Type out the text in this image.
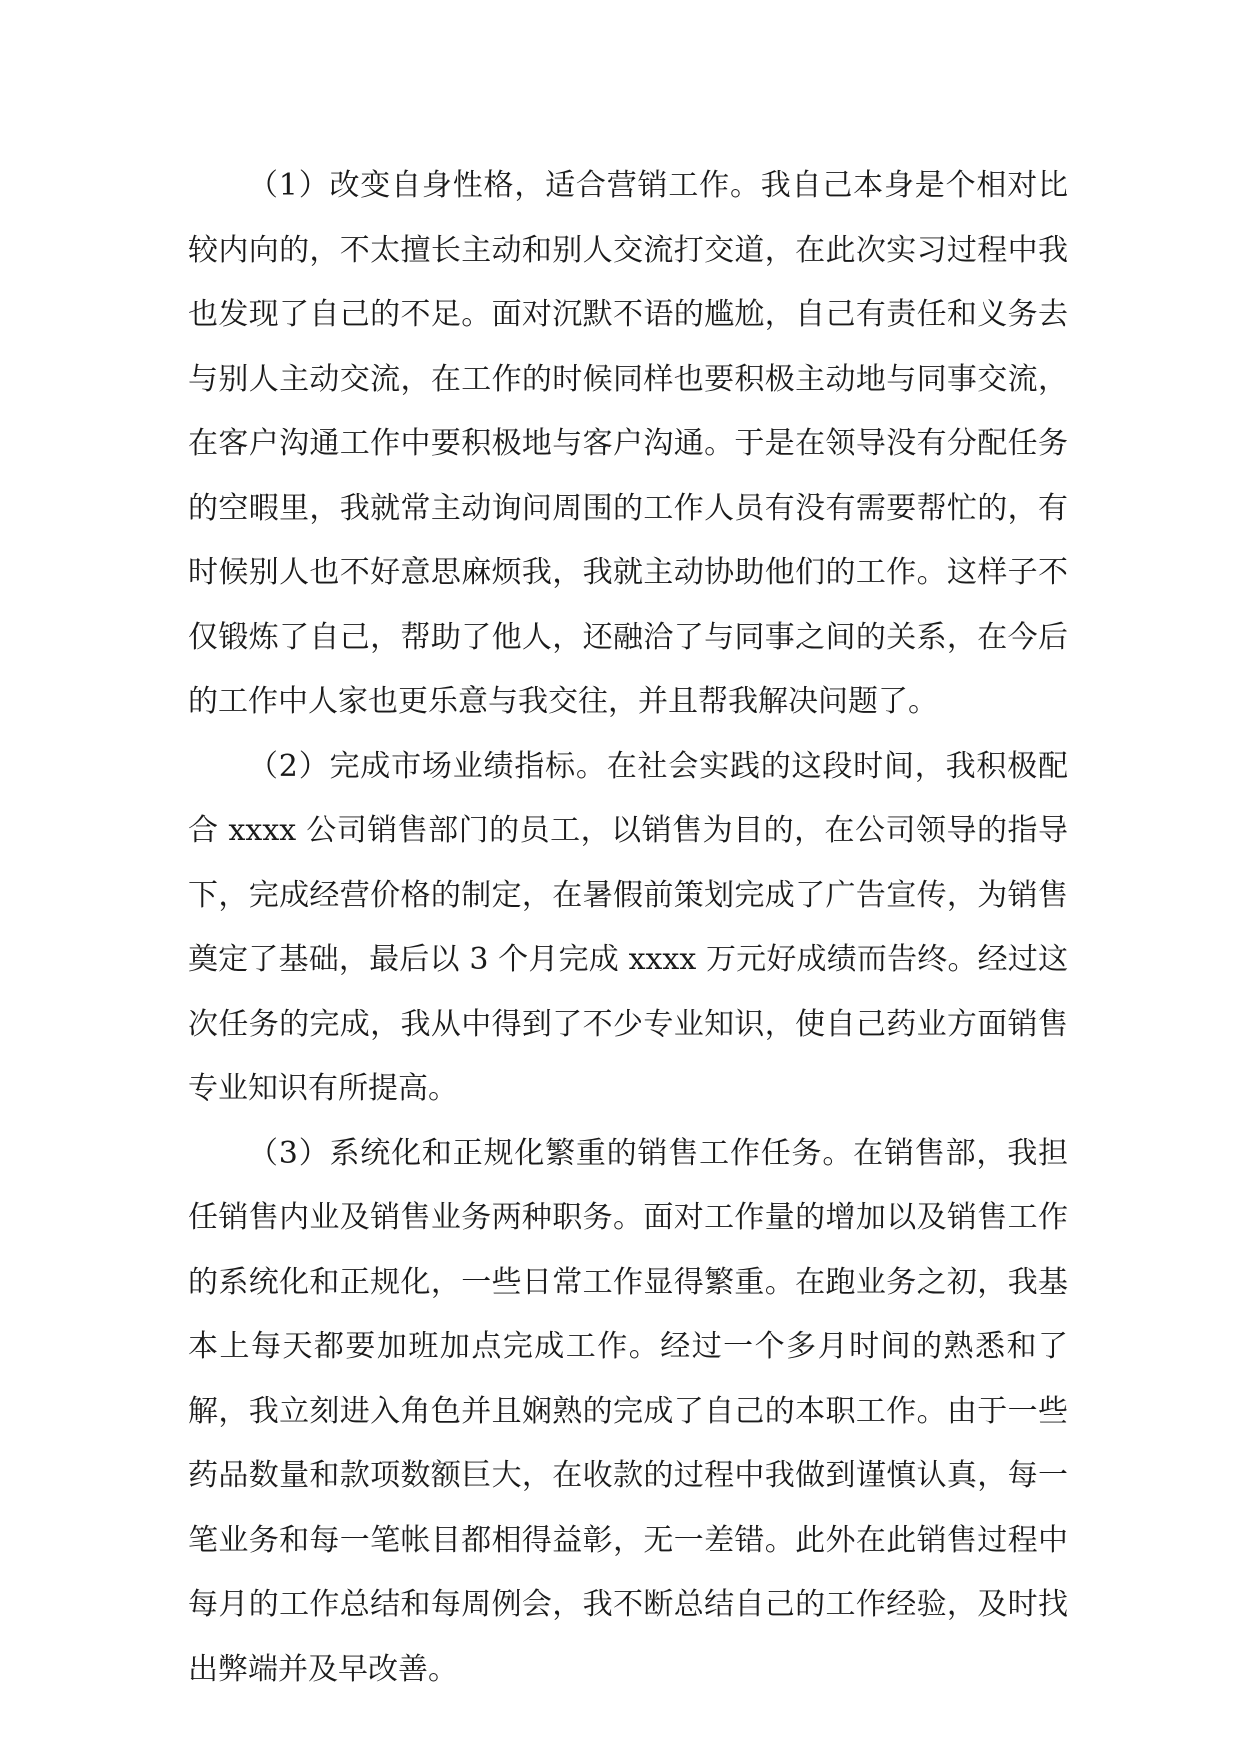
（1）改变自身性格，适合营销工作。我自己本身是个相对比较内向的，不太擅长主动和别人交流打交道，在此次实习过程中我也发现了自己的不足。面对沉默不语的尴尬，自己有责任和义务去与别人主动交流，在工作的时候同样也要积极主动地与同事交流，在客户沟通工作中要积极地与客户沟通。于是在领导没有分配任务的空暇里，我就常主动询问周围的工作人员有没有需要帮忙的，有时候别人也不好意思麻烦我，我就主动协助他们的工作。这样子不仅锻炼了自己，帮助了他人，还融洽了与同事之间的关系，在今后的工作中人家也更乐意与我交往，并且帮我解决问题了。

（2）完成市场业绩指标。在社会实践的这段时间，我积极配合 xxxx 公司销售部门的员工，以销售为目的，在公司领导的指导下，完成经营价格的制定，在暑假前策划完成了广告宣传，为销售奠定了基础，最后以 3 个月完成 xxxx 万元好成绩而告终。经过这次任务的完成，我从中得到了不少专业知识，使自己药业方面销售专业知识有所提高。

（3）系统化和正规化繁重的销售工作任务。在销售部，我担任销售内业及销售业务两种职务。面对工作量的增加以及销售工作的系统化和正规化，一些日常工作显得繁重。在跑业务之初，我基本上每天都要加班加点完成工作。经过一个多月时间的熟悉和了解，我立刻进入角色并且娴熟的完成了自己的本职工作。由于一些药品数量和款项数额巨大，在收款的过程中我做到谨慎认真，每一笔业务和每一笔帐目都相得益彰，无一差错。此外在此销售过程中每月的工作总结和每周例会，我不断总结自己的工作经验，及时找出弊端并及早改善。
